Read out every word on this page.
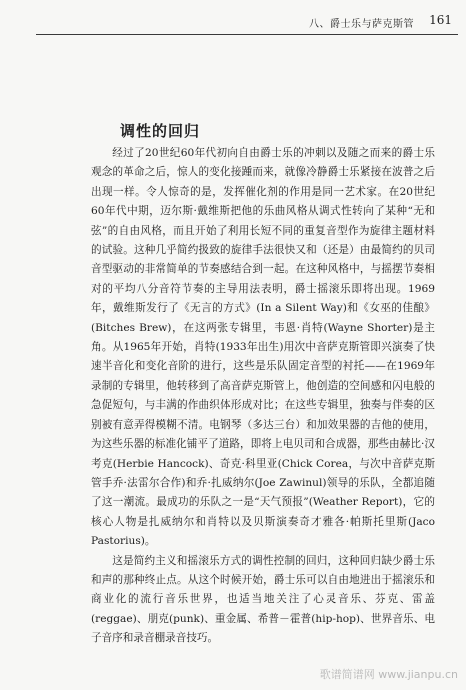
八、爵士乐与萨克斯管 161
调性的回归

经过了20世纪60年代初向自由爵士乐的冲刺以及随之而来的爵士乐观念的革命之后，惊人的变化接踵而来，就像冷静爵士乐紧接在波普之后出现一样。令人惊奇的是，发挥催化剂的作用是同一艺术家。在20世纪60年代中期，迈尔斯·戴维斯把他的乐曲风格从调式性转向了某种“无和弦”的自由风格，而且开始了利用长短不同的重复音型作为旋律主题材料的试验。这种几乎简约扱致的旋律手法很快又和（还是）由最简约的贝司音型驱动的非常简单的节奏感结合到一起。在这种风格中，与摇摆节奏相对的平均八分音符节奏的主导用法表明，爵士摇滚乐即将出现。1969年，戴维斯发行了《无言的方式》(In a Silent Way)和《女巫的佳酿》(Bitches Brew)，在这两张专辑里，韦恩·肖特(Wayne Shorter)是主角。从1965年开始，肖特(1933年出生)用次中音萨克斯管即兴演奏了快速半音化和变化音阶的进行，这些是乐队固定音型的衬托——在1969年录制的专辑里，他转移到了高音萨克斯管上，他创造的空间感和闪电般的急促短句，与丰满的作曲织体形成对比；在这些专辑里，独奏与伴奏的区别被有意弄得模糊不清。电钢琴（多达三台）和加效果器的吉他的使用，为这些乐器的标准化铺平了道路，即将上电贝司和合成器，那些由赫比·汉考克(Herbie Hancock)、奇克·科里亚(Chick Corea，与次中音萨克斯管手乔·法雷尔合作)和乔·扎威纳尔(Joe Zawinul)领导的乐队，全都追随了这一潮流。最成功的乐队之一是“天气预报”(Weather Report)，它的核心人物是扎威纳尔和肖特以及贝斯演奏奇才雅各·帕斯托里斯(Jaco Pastorius)。

这是简约主义和摇滚乐方式的调性控制的回归，这种回归缺少爵士乐和声的那种终止点。从这个时候开始，爵士乐可以自由地进出于摇滚乐和商业化的流行音乐世界，也适当地关注了心灵音乐、芬克、雷盖(reggae)、朋克(punk)、重金属、希普－霍普(hip-hop)、世界音乐、电子音序和录音棚录音技巧。

歌谱简谱网 www.jianpu.cn
